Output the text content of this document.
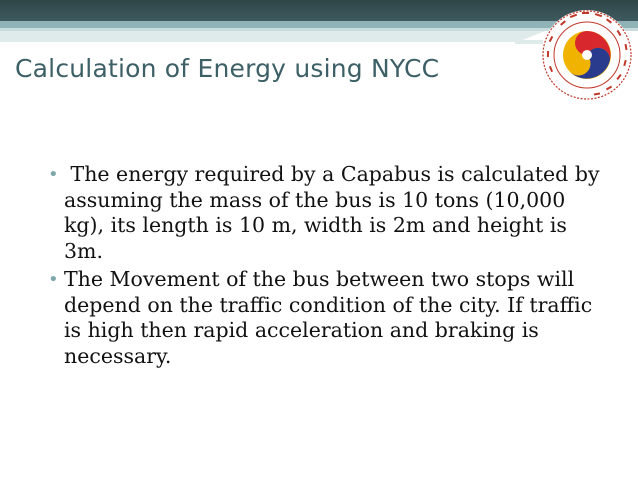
Calculation of Energy using NYCC
• The energy required by a Capabus is calculated by assuming the mass of the bus is 10 tons (10,000 kg), its length is 10 m, width is 2m and height is 3m.
• The Movement of the bus between two stops will depend on the traffic condition of the city. If traffic is high then rapid acceleration and braking is necessary.
